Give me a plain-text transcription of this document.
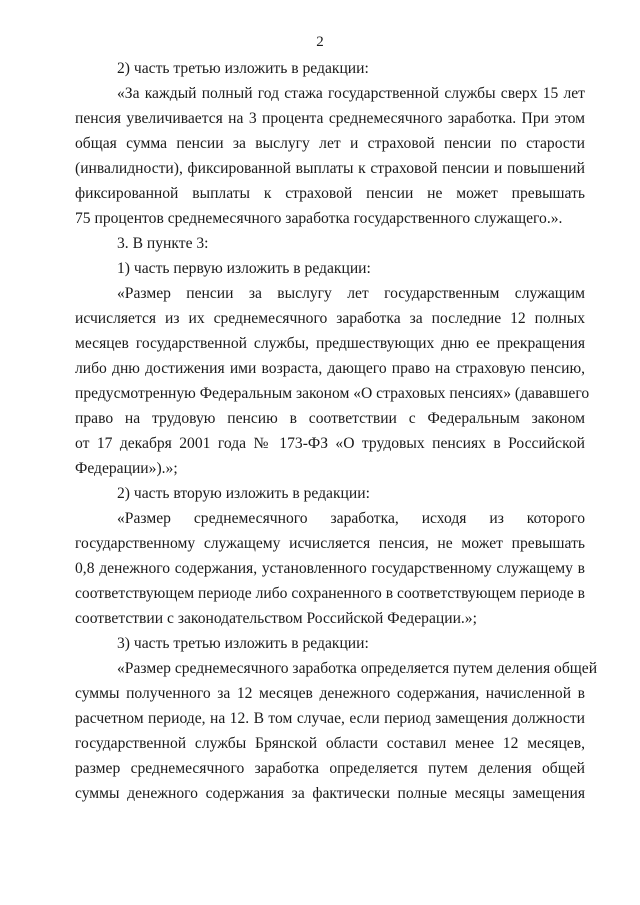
2
2) часть третью изложить в редакции:
«За каждый полный год стажа государственной службы сверх 15 лет
пенсия увеличивается на 3 процента среднемесячного заработка. При этом
общая сумма пенсии за выслугу лет и страховой пенсии по старости
(инвалидности), фиксированной выплаты к страховой пенсии и повышений
фиксированной выплаты к страховой пенсии не может превышать
75 процентов среднемесячного заработка государственного служащего.».
3. В пункте 3:
1) часть первую изложить в редакции:
«Размер пенсии за выслугу лет государственным служащим
исчисляется из их среднемесячного заработка за последние 12 полных
месяцев государственной службы, предшествующих дню ее прекращения
либо дню достижения ими возраста, дающего право на страховую пенсию,
предусмотренную Федеральным законом «О страховых пенсиях» (дававшего
право на трудовую пенсию в соответствии с Федеральным законом
от 17 декабря 2001 года № 173-ФЗ «О трудовых пенсиях в Российской
Федерации»).»;
2) часть вторую изложить в редакции:
«Размер среднемесячного заработка, исходя из которого
государственному служащему исчисляется пенсия, не может превышать
0,8 денежного содержания, установленного государственному служащему в
соответствующем периоде либо сохраненного в соответствующем периоде в
соответствии с законодательством Российской Федерации.»;
3) часть третью изложить в редакции:
«Размер среднемесячного заработка определяется путем деления общей
суммы полученного за 12 месяцев денежного содержания, начисленной в
расчетном периоде, на 12. В том случае, если период замещения должности
государственной службы Брянской области составил менее 12 месяцев,
размер среднемесячного заработка определяется путем деления общей
суммы денежного содержания за фактически полные месяцы замещения
